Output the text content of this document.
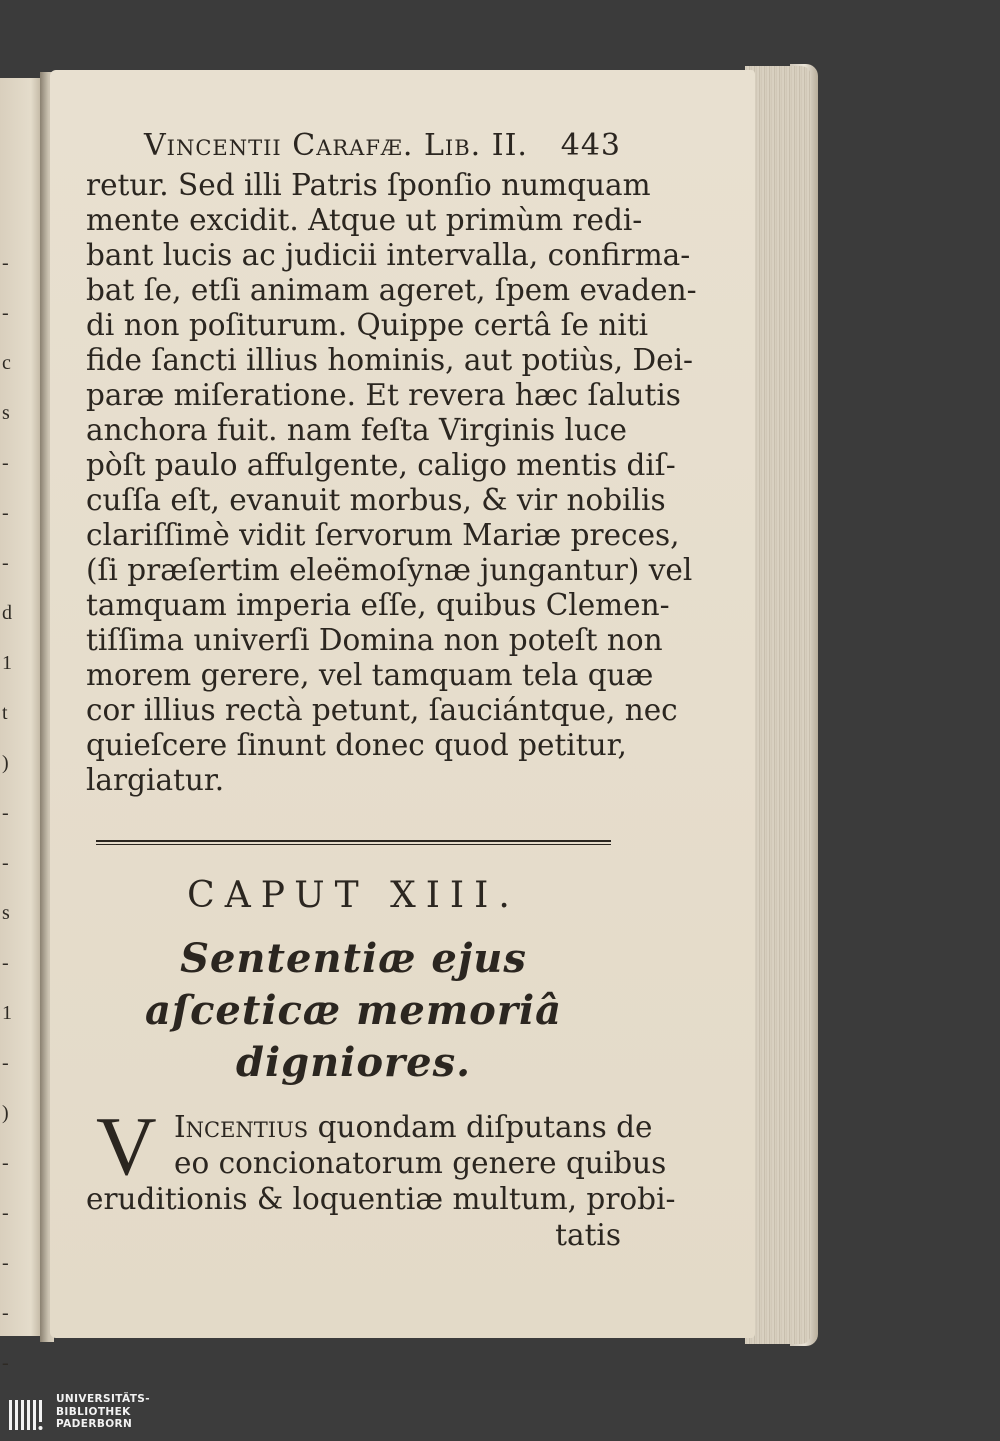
-
-
c
s
-
-
-
d
1
t
)
-
-
s
-
1
-
)
-
-
-
-
-
Vincentii Carafæ. Lib. II. 443
retur. Sed illi Patris ſponſio numquam
mente excidit. Atque ut primùm redi-
bant lucis ac judicii intervalla, confirma-
bat ſe, etſi animam ageret, ſpem evaden-
di non poſiturum. Quippe certâ ſe niti
fide ſancti illius hominis, aut potiùs, Dei-
paræ miſeratione. Et revera hæc ſalutis
anchora fuit. nam feſta Virginis luce
pòſt paulo affulgente, caligo mentis diſ-
cuſſa eſt, evanuit morbus, & vir nobilis
clariſſimè vidit ſervorum Mariæ preces,
(ſi præſertim eleëmoſynæ jungantur) vel
tamquam imperia eſſe, quibus Clemen-
tiſſima univerſi Domina non poteſt non
morem gerere, vel tamquam tela quæ
cor illius rectà petunt, ſauciántque, nec
quieſcere ſinunt donec quod petitur,
largiatur.
CAPUT XIII.
Sententiæ ejus aſceticæ memoriâ
digniores.
V Incentius quondam diſputans de
eo concionatorum genere quibus
eruditionis & loquentiæ multum, probi-
tatis
UNIVERSITÄTS-
BIBLIOTHEK
PADERBORN
